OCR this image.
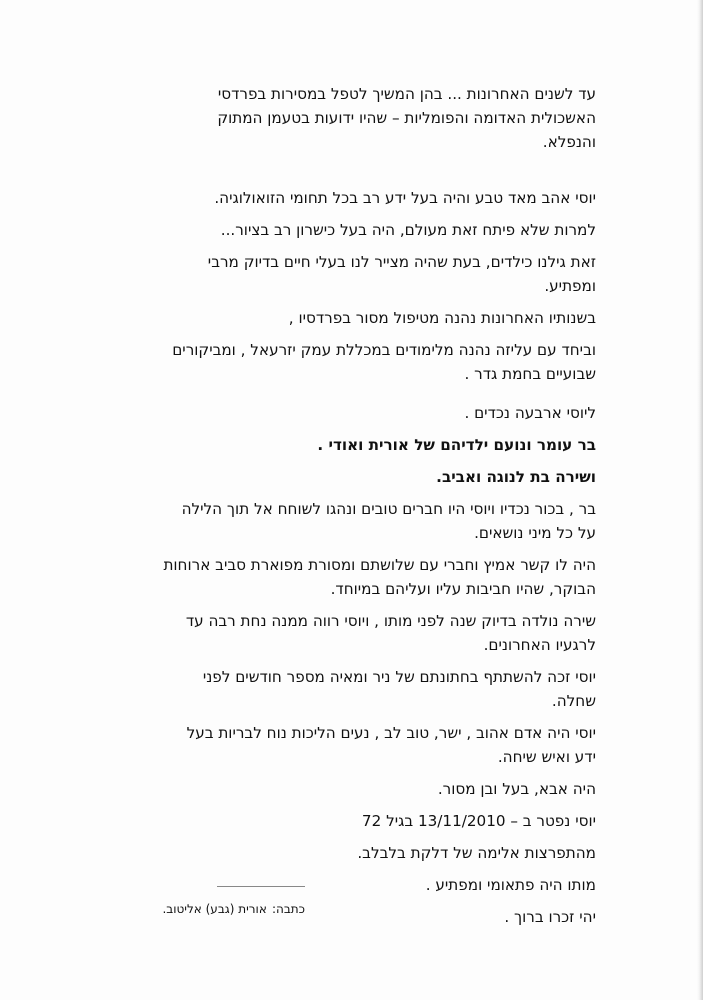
עד לשנים האחרונות ... בהן המשיך לטפל במסירות בפרדסי
האשכולית האדומה והפומליות – שהיו ידועות בטעמן המתוק
והנפלא.
יוסי אהב מאד טבע והיה בעל ידע רב בכל תחומי הזואולוגיה.
למרות שלא פיתח זאת מעולם, היה בעל כישרון רב בציור...
זאת גילנו כילדים, בעת שהיה מצייר לנו בעלי חיים בדיוק מרבי
ומפתיע.
בשנותיו האחרונות נהנה מטיפול מסור בפרדסיו ,
וביחד עם עליזה נהנה מלימודים במכללת עמק יזרעאל , ומביקורים
שבועיים בחמת גדר .
ליוסי ארבעה נכדים .
בר עומר ונועם ילדיהם של אורית ואודי .
ושירה בת לנוגה ואביב.
בר , בכור נכדיו ויוסי היו חברים טובים ונהגו לשוחח אל תוך הלילה
על כל מיני נושאים.
היה לו קשר אמיץ וחברי עם שלושתם ומסורת מפוארת סביב ארוחות
הבוקר, שהיו חביבות עליו ועליהם במיוחד.
שירה נולדה בדיוק שנה לפני מותו , ויוסי רווה ממנה נחת רבה עד
לרגעיו האחרונים.
יוסי זכה להשתתף בחתונתם של ניר ומאיה מספר חודשים לפני
שחלה.
יוסי היה אדם אהוב , ישר, טוב לב , נעים הליכות נוח לבריות בעל
ידע ואיש שיחה.
היה אבא, בעל ובן מסור.
יוסי נפטר ב – 13/11/2010 בגיל 72
מהתפרצות אלימה של דלקת בלבלב.
מותו היה פתאומי ומפתיע .
יהי זכרו ברוך .
כתבה: אורית (גבע) אליטוב.
